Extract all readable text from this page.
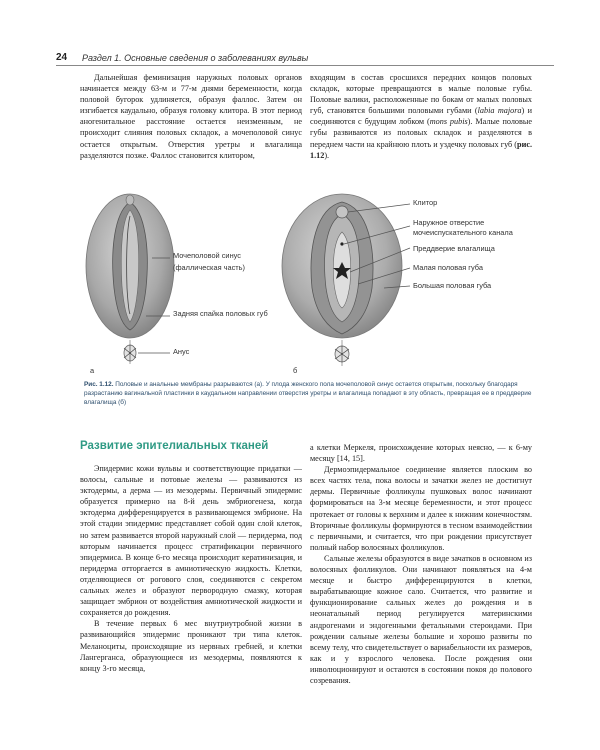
24 Раздел 1. Основные сведения о заболеваниях вульвы

Дальнейшая феминизация наружных половых органов начинается между 63-м и 77-м днями беременности, когда половой бугорок удлиняется, образуя фаллос. Затем он изгибается каудально, образуя головку клитора. В этот период аногенитальное расстояние остается неизменным, не происходит слияния половых складок, а мочеполовой синус остается открытым. Отверстия уретры и влагалища разделяются позже. Фаллос становится клитором,

входящим в состав сросшихся передних концов половых складок, которые превращаются в малые половые губы. Половые валики, расположенные по бокам от малых половых губ, становятся большими половыми губами (labia majora) и соединяются с будущим лобком (mons pubis). Малые половые губы развиваются из половых складок и разделяются в переднем части на крайнюю плоть и уздечку половых губ (рис. 1.12).

Мочеполовой синус
(фаллическая часть)
Задняя спайка половых губ
Анус
а
Клитор
Наружное отверстие
мочеиспускательного канала
Преддверие влагалища
Малая половая губа
Большая половая губа
б
Рис. 1.12. Половые и анальные мембраны разрываются (а). У плода женского пола мочеполовой синус остается открытым, поскольку благодаря разрастанию вагинальной пластинки в каудальном направлении отверстия уретры и влагалища попадают в эту область, превращая ее в преддверие влагалища (б)
Развитие эпителиальных тканей

Эпидермис кожи вульвы и соответствующие придатки — волосы, сальные и потовые железы — развиваются из эктодермы, а дерма — из мезодермы. Первичный эпидермис образуется примерно на 8-й день эмбриогенеза, когда эктодерма дифференцируется в развивающемся эмбрионе. На этой стадии эпидермис представляет собой один слой клеток, но затем развивается второй наружный слой — перидерма, под которым начинается процесс стратификации первичного эпидермиса. В конце 6-го месяца происходит кератинизация, и перидерма отторгается в амниотическую жидкость. Клетки, отделяющиеся от рогового слоя, соединяются с секретом сальных желез и образуют первородную смазку, которая защищает эмбрион от воздействия амниотической жидкости и сохраняется до рождения.

В течение первых 6 мес внутриутробной жизни в развивающийся эпидермис проникают три типа клеток. Меланоциты, происходящие из нервных гребней, и клетки Лангерганса, образующиеся из мезодермы, появляются к концу 3-го месяца,

а клетки Меркеля, происхождение которых неясно, — к 6-му месяцу [14, 15].

Дермоэпидермальное соединение является плоским во всех частях тела, пока волосы и зачатки желез не достигнут дермы. Первичные фолликулы пушковых волос начинают формироваться на 3-м месяце беременности, и этот процесс протекает от головы к верхним и далее к нижним конечностям. Вторичные фолликулы формируются в тесном взаимодействии с первичными, и считается, что при рождении присутствует полный набор волосяных фолликулов.

Сальные железы образуются в виде зачатков в основном из волосяных фолликулов. Они начинают появляться на 4-м месяце и быстро дифференцируются в клетки, вырабатывающие кожное сало. Считается, что развитие и функционирование сальных желез до рождения и в неонатальный период регулируется материнскими андрогенами и эндогенными фетальными стероидами. При рождении сальные железы большие и хорошо развиты по всему телу, что свидетельствует о вариабельности их размеров, как и у взрослого человека. После рождения они инволюционируют и остаются в состоянии покоя до полового созревания.
